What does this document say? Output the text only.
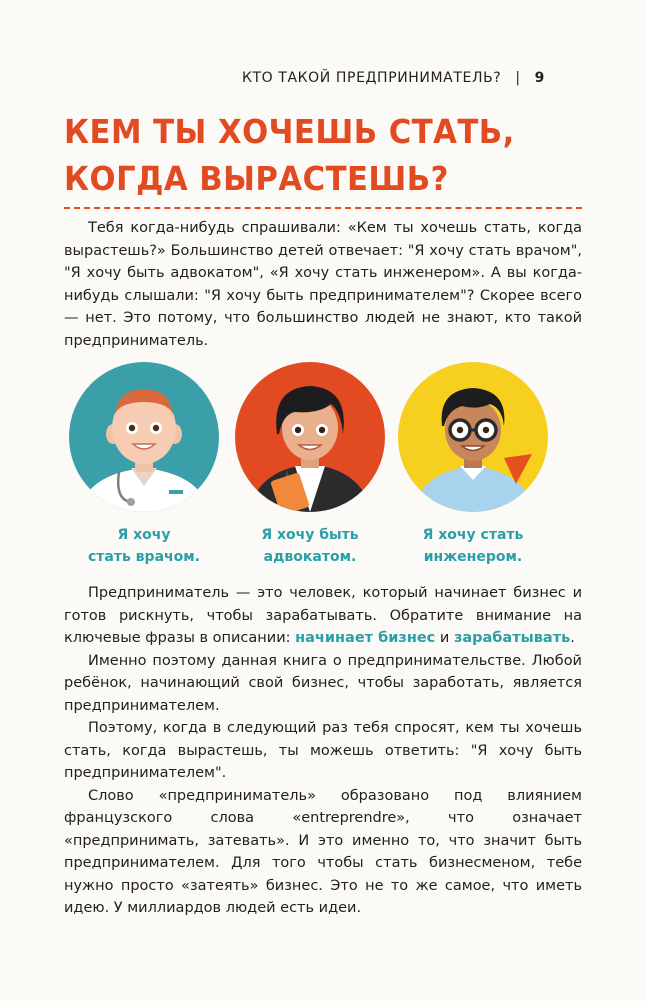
КТО ТАКОЙ ПРЕДПРИНИМАТЕЛЬ? | 9
КЕМ ТЫ ХОЧЕШЬ СТАТЬ,
КОГДА ВЫРАСТЕШЬ?

Тебя когда-нибудь спрашивали: «Кем ты хочешь стать, когда вырастешь?» Большинство детей отвечает: "Я хочу стать врачом", "Я хочу быть адвокатом", «Я хочу стать инженером». А вы когда-нибудь слышали: "Я хочу быть предпринимателем"? Скорее всего — нет. Это потому, что большинство людей не знают, кто такой предприниматель.

Я хочу
стать врачом.
Я хочу быть
адвокатом.
Я хочу стать
инженером.

Предприниматель — это человек, который начинает бизнес и готов рискнуть, чтобы зарабатывать. Обратите внимание на ключевые фразы в описании: начинает бизнес и зарабатывать.

Именно поэтому данная книга о предпринимательстве. Любой ребёнок, начинающий свой бизнес, чтобы заработать, является предпринимателем.

Поэтому, когда в следующий раз тебя спросят, кем ты хочешь стать, когда вырастешь, ты можешь ответить: "Я хочу быть предпринимателем".

Слово «предприниматель» образовано под влиянием французского слова «entreprendre», что означает «предпринимать, затевать». И это именно то, что значит быть предпринимателем. Для того чтобы стать бизнесменом, тебе нужно просто «затеять» бизнес. Это не то же самое, что иметь идею. У миллиардов людей есть идеи.
